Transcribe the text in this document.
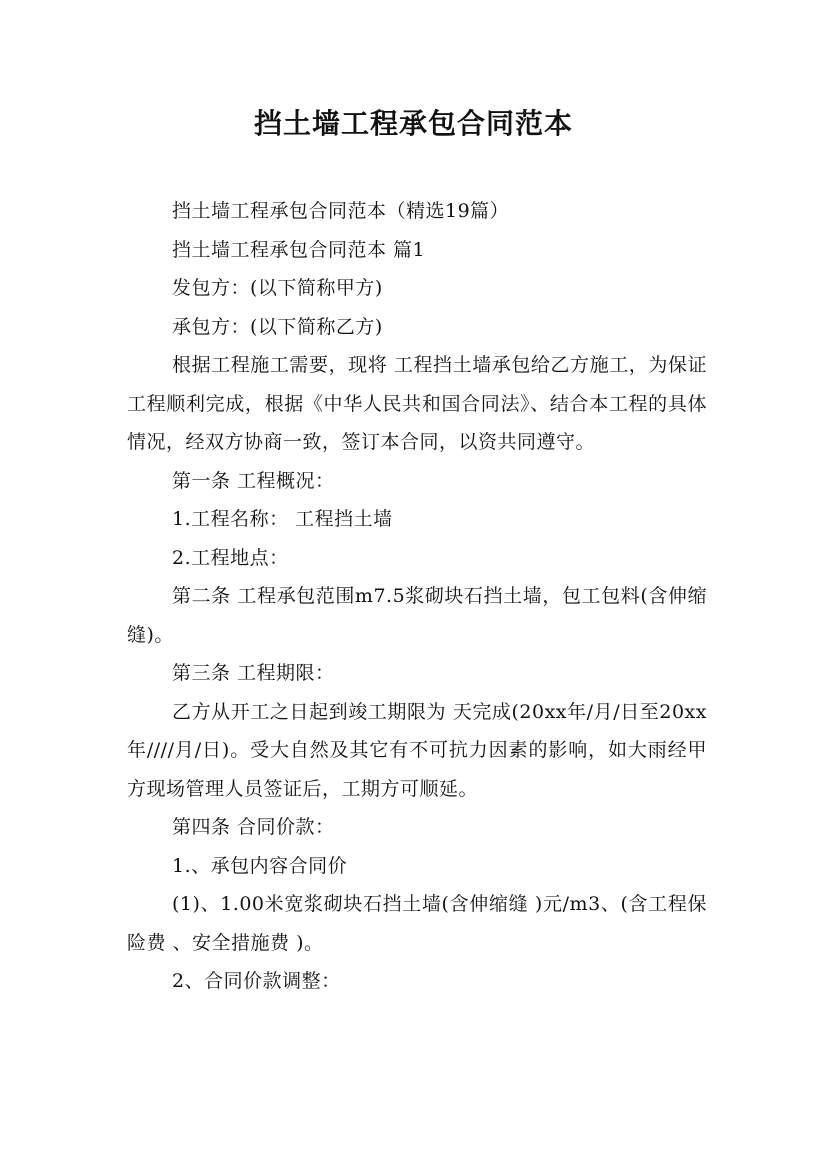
挡土墙工程承包合同范本

挡土墙工程承包合同范本（精选19篇）

挡土墙工程承包合同范本 篇1

发包方：(以下简称甲方)

承包方：(以下简称乙方)

根据工程施工需要，现将 工程挡土墙承包给乙方施工，为保证工程顺利完成，根据《中华人民共和国合同法》、结合本工程的具体情况，经双方协商一致，签订本合同，以资共同遵守。

第一条 工程概况：

1.工程名称： 工程挡土墙

2.工程地点：

第二条 工程承包范围m7.5浆砌块石挡土墙，包工包料(含伸缩缝)。

第三条 工程期限：

乙方从开工之日起到竣工期限为 天完成(20xx年/月/日至20xx年////月/日)。受大自然及其它有不可抗力因素的影响，如大雨经甲方现场管理人员签证后，工期方可顺延。

第四条 合同价款：

1.、承包内容合同价

(1)、1.00米宽浆砌块石挡土墙(含伸缩缝 )元/m3、(含工程保险费 、安全措施费 )。

2、合同价款调整：
